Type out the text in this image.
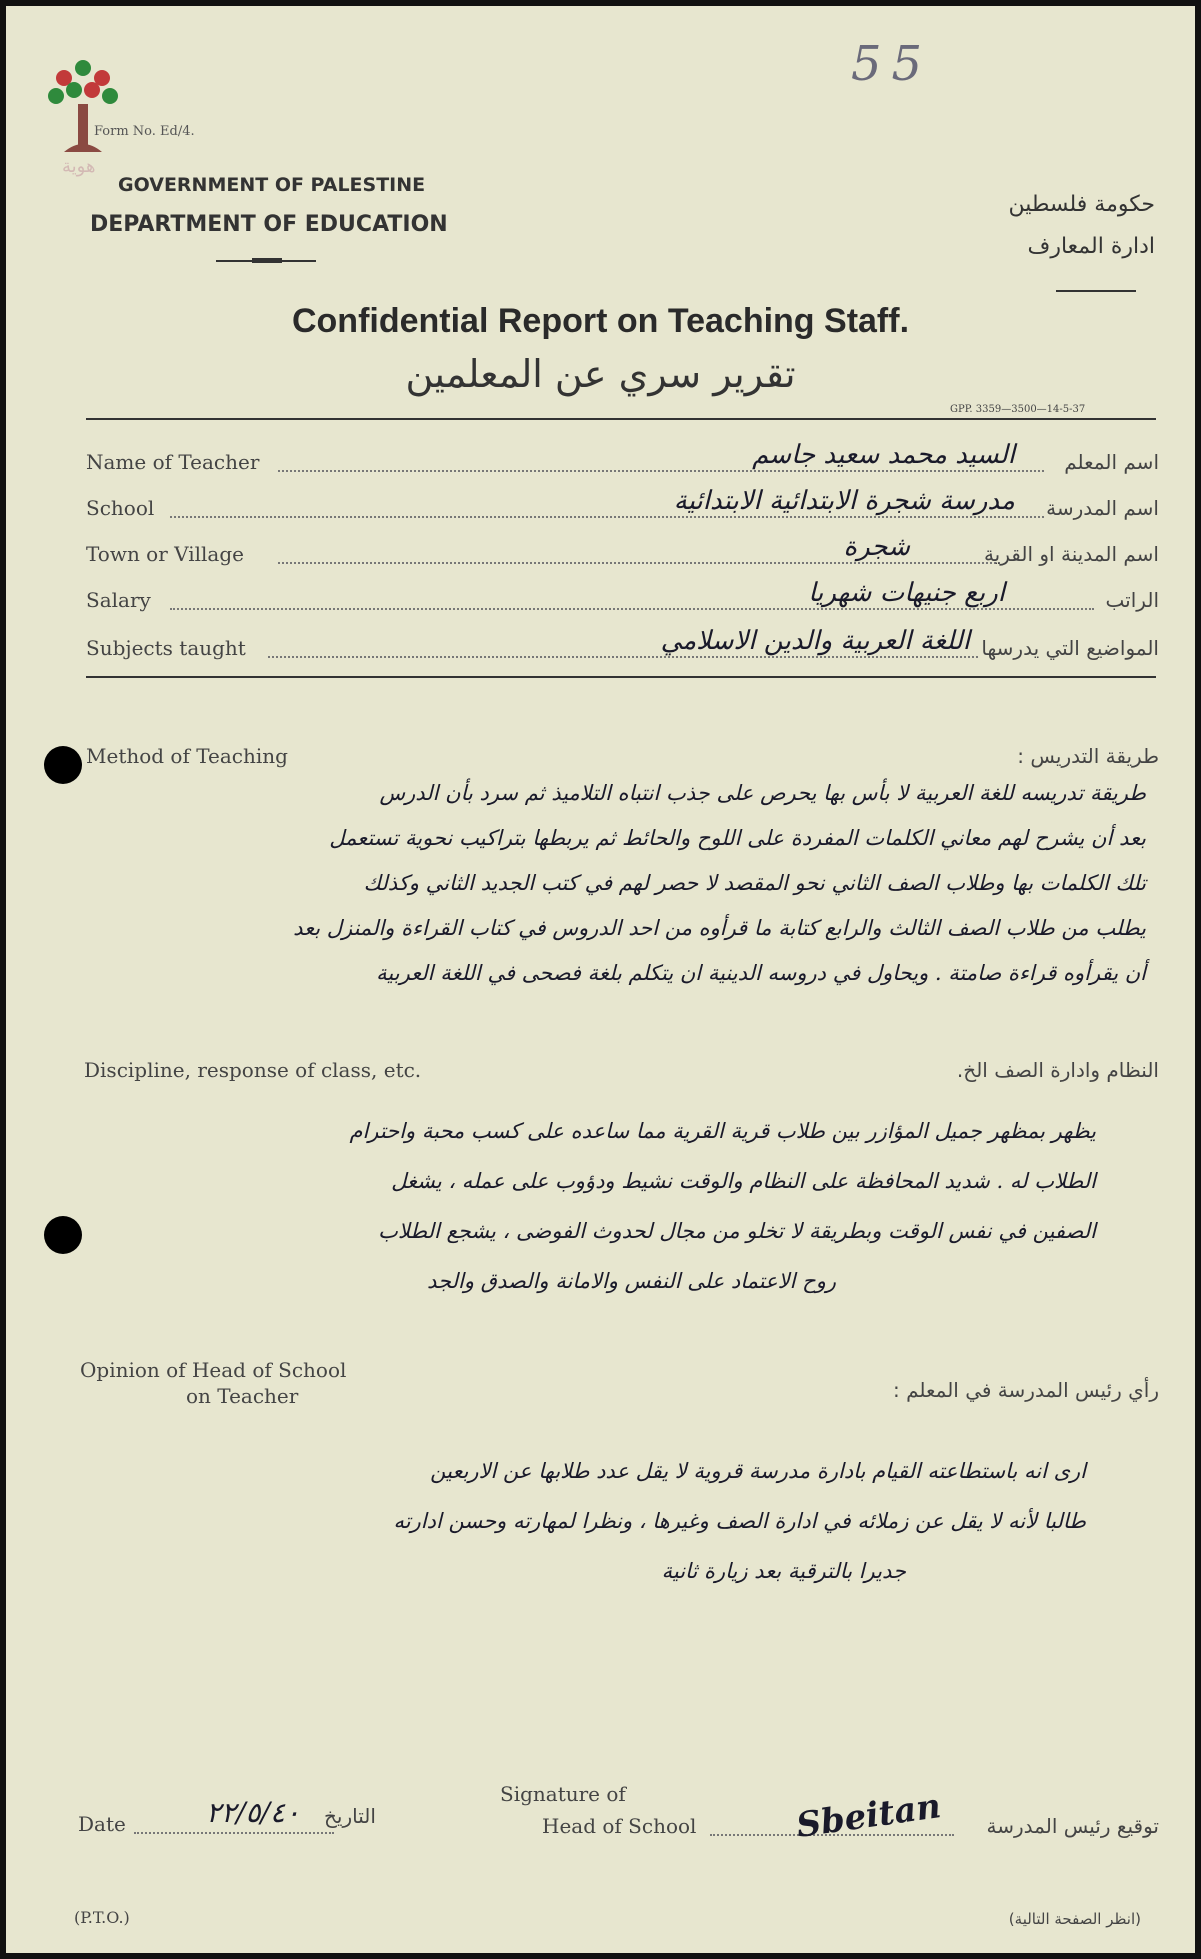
هوية
Form No. Ed/4.
55
GOVERNMENT OF PALESTINE
DEPARTMENT OF EDUCATION
حكومة فلسطين
ادارة المعارف
Confidential Report on Teaching Staff.
تقرير سري عن المعلمين
GPP. 3359—3500—14-5-37
Name of Teacher	السيد محمد سعيد جاسم اسم المعلم
School	مدرسة شجرة الابتدائية الابتدائية اسم المدرسة
Town or Village	شجرة	اسم المدينة او القرية
Salary	اربع جنيهات شهريا	الراتب
Subjects taught	اللغة العربية والدين الاسلامي المواضيع التي يدرسها
Method of Teaching	طريقة التدريس :
طريقة تدريسه للغة العربية لا بأس بها يحرص على جذب انتباه التلاميذ ثم سرد بأن الدرس
بعد أن يشرح لهم معاني الكلمات المفردة على اللوح والحائط ثم يربطها بتراكيب نحوية تستعمل
تلك الكلمات بها وطلاب الصف الثاني نحو المقصد لا حصر لهم في كتب الجديد الثاني وكذلك
يطلب من طلاب الصف الثالث والرابع كتابة ما قرأوه من احد الدروس في كتاب القراءة والمنزل بعد
أن يقرأوه قراءة صامتة . ويحاول في دروسه الدينية ان يتكلم بلغة فصحى في اللغة العربية
Discipline, response of class, etc.	النظام وادارة الصف الخ.
يظهر بمظهر جميل المؤازر بين طلاب قرية القرية مما ساعده على كسب محبة واحترام
الطلاب له . شديد المحافظة على النظام والوقت نشيط ودؤوب على عمله ، يشغل
الصفين في نفس الوقت وبطريقة لا تخلو من مجال لحدوث الفوضى ، يشجع الطلاب
روح الاعتماد على النفس والامانة والصدق والجد
Opinion of Head of School
on Teacher	رأي رئيس المدرسة في المعلم :
ارى انه باستطاعته القيام بادارة مدرسة قروية لا يقل عدد طلابها عن الاربعين
طالبا لأنه لا يقل عن زملائه في ادارة الصف وغيرها ، ونظرا لمهارته وحسن ادارته
جديرا بالترقية بعد زيارة ثانية
Date	٢٢/٥/٤٠ التاريخ
Signature of
Head of School	Sbeitan توقيع رئيس المدرسة
(P.T.O.)	(انظر الصفحة التالية)
